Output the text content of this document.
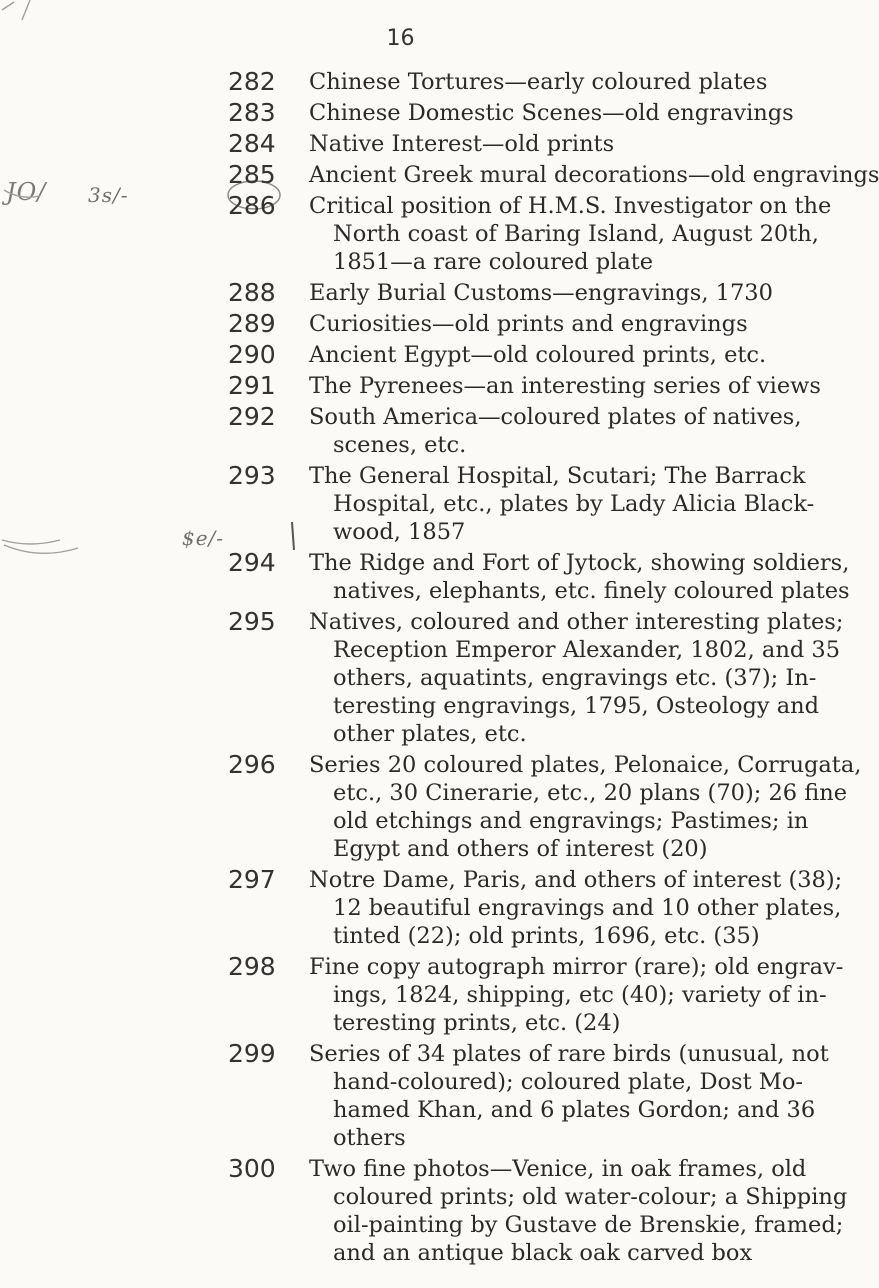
16
JO/ 3s/-
$e/-
282	Chinese Tortures—early coloured plates
283	Chinese Domestic Scenes—old engravings
284	Native Interest—old prints
285	Ancient Greek mural decorations—old engravings
286	Critical position of H.M.S. Investigator on the
North coast of Baring Island, August 20th,
1851—a rare coloured plate
288	Early Burial Customs—engravings, 1730
289	Curiosities—old prints and engravings
290	Ancient Egypt—old coloured prints, etc.
291	The Pyrenees—an interesting series of views
292	South America—coloured plates of natives,
scenes, etc.
293	The General Hospital, Scutari; The Barrack
Hospital, etc., plates by Lady Alicia Black-
wood, 1857
294	The Ridge and Fort of Jytock, showing soldiers,
natives, elephants, etc. finely coloured plates
295	Natives, coloured and other interesting plates;
Reception Emperor Alexander, 1802, and 35
others, aquatints, engravings etc. (37); In-
teresting engravings, 1795, Osteology and
other plates, etc.
296	Series 20 coloured plates, Pelonaice, Corrugata,
etc., 30 Cinerarie, etc., 20 plans (70); 26 fine
old etchings and engravings; Pastimes; in
Egypt and others of interest (20)
297	Notre Dame, Paris, and others of interest (38);
12 beautiful engravings and 10 other plates,
tinted (22); old prints, 1696, etc. (35)
298	Fine copy autograph mirror (rare); old engrav-
ings, 1824, shipping, etc (40); variety of in-
teresting prints, etc. (24)
299	Series of 34 plates of rare birds (unusual, not
hand-coloured); coloured plate, Dost Mo-
hamed Khan, and 6 plates Gordon; and 36
others
300	Two fine photos—Venice, in oak frames, old
coloured prints; old water-colour; a Shipping
oil-painting by Gustave de Brenskie, framed;
and an antique black oak carved box
